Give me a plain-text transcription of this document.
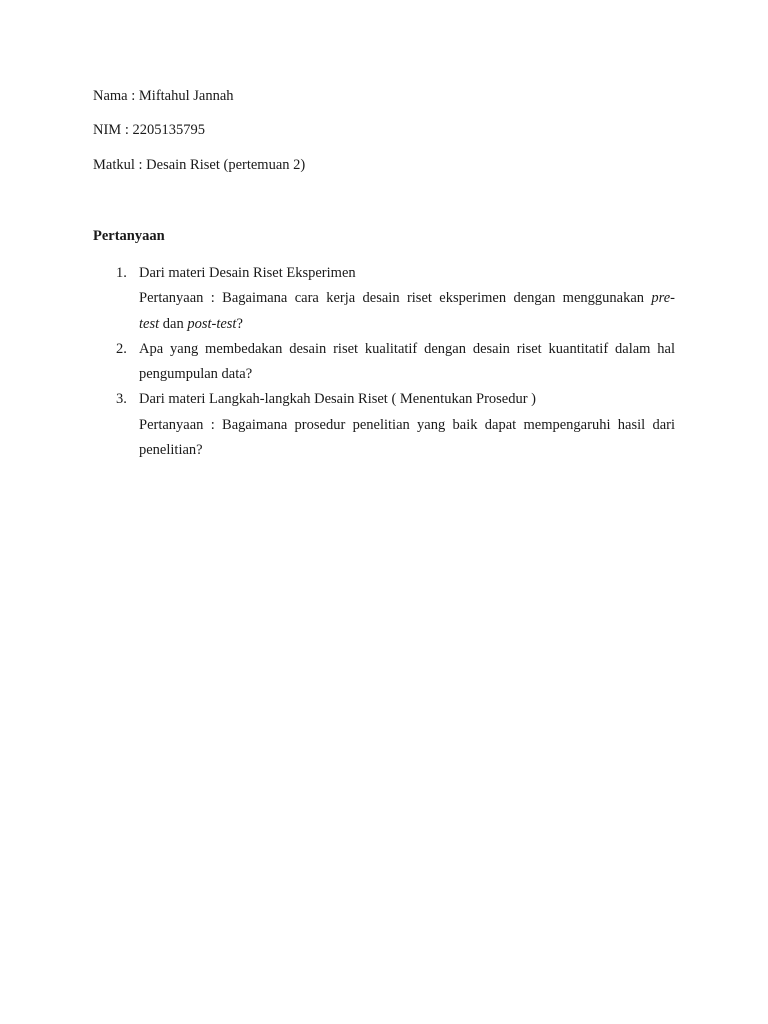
Nama : Miftahul Jannah
NIM : 2205135795
Matkul : Desain Riset (pertemuan 2)
Pertanyaan
1. Dari materi Desain Riset Eksperimen
Pertanyaan : Bagaimana cara kerja desain riset eksperimen dengan menggunakan pre-
test dan post-test?
2. Apa yang membedakan desain riset kualitatif dengan desain riset kuantitatif dalam hal
pengumpulan data?
3. Dari materi Langkah-langkah Desain Riset ( Menentukan Prosedur )
Pertanyaan : Bagaimana prosedur penelitian yang baik dapat mempengaruhi hasil dari
penelitian?
